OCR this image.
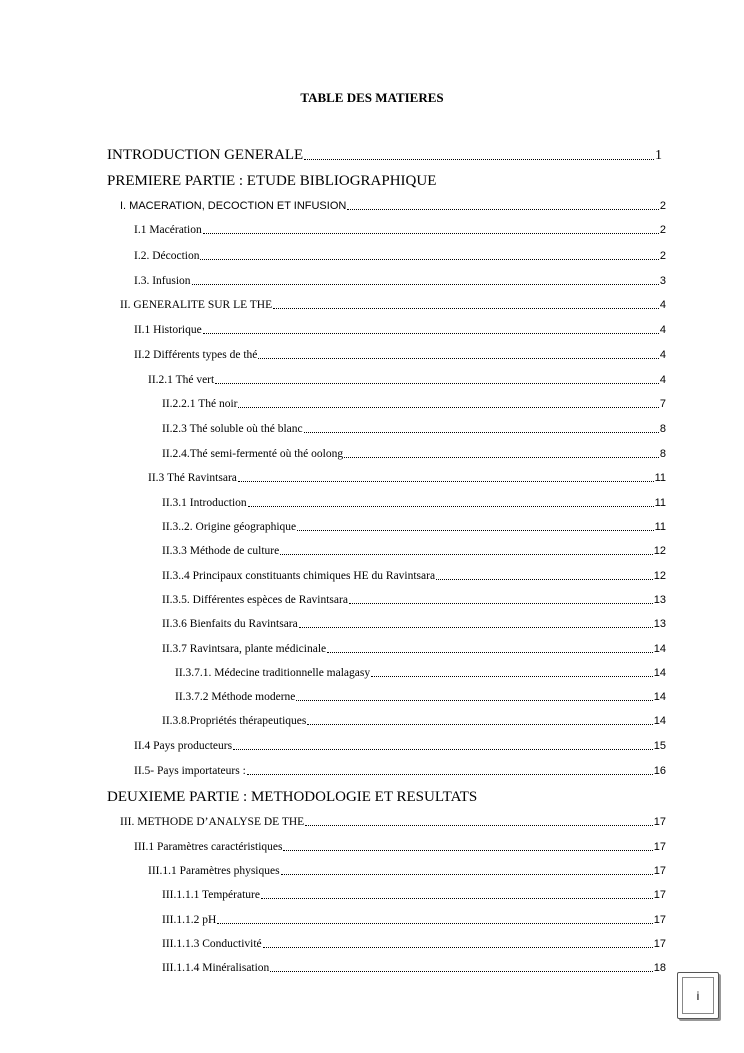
TABLE DES MATIERES
INTRODUCTION GENERALE	1
PREMIERE PARTIE : ETUDE BIBLIOGRAPHIQUE
I. MACERATION, DECOCTION ET INFUSION	2
I.1 Macération	2
I.2. Décoction	2
I.3. Infusion	3
II. GENERALITE SUR LE THE	4
II.1 Historique	4
II.2 Différents types de thé	4
II.2.1 Thé vert	4
II.2.2.1 Thé noir	7
II.2.3 Thé soluble où thé blanc	8
II.2.4.Thé semi-fermenté où thé oolong	8
II.3 Thé Ravintsara	11
II.3.1 Introduction	11
II.3..2. Origine géographique	11
II.3.3 Méthode de culture	12
II.3..4 Principaux constituants chimiques HE du Ravintsara	12
II.3.5. Différentes espèces de Ravintsara	13
II.3.6 Bienfaits du Ravintsara	13
II.3.7 Ravintsara, plante médicinale	14
II.3.7.1. Médecine traditionnelle malagasy	14
II.3.7.2 Méthode moderne	14
II.3.8.Propriétés thérapeutiques	14
II.4 Pays producteurs	15
II.5- Pays importateurs :	16
DEUXIEME PARTIE : METHODOLOGIE ET RESULTATS
III. METHODE D’ANALYSE DE THE	17
III.1 Paramètres caractéristiques	17
III.1.1 Paramètres physiques	17
III.1.1.1 Température	17
III.1.1.2 pH	17
III.1.1.3 Conductivité	17
III.1.1.4 Minéralisation	18
i
